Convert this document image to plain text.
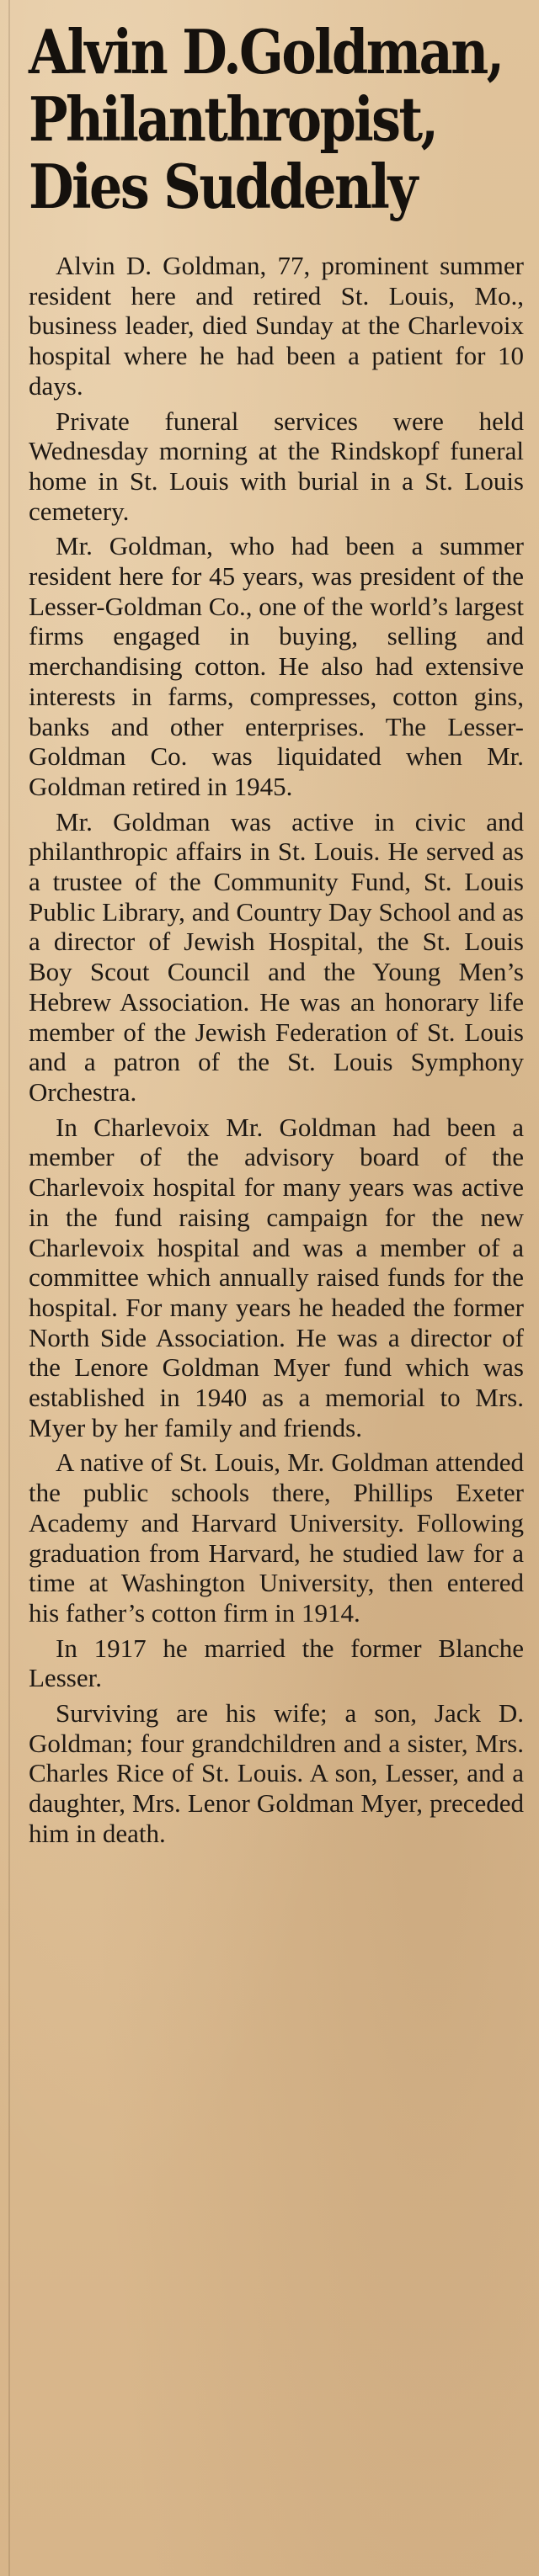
Alvin D.Goldman,
Philanthropist,
Dies Suddenly

Alvin D. Goldman, 77, prominent summer resident here and retired St. Louis, Mo., business leader, died Sunday at the Charlevoix hospital where he had been a patient for 10 days.

Private funeral services were held Wednesday morning at the Rindskopf funeral home in St. Louis with burial in a St. Louis cemetery.

Mr. Goldman, who had been a summer resident here for 45 years, was president of the Lesser-Goldman Co., one of the world’s largest firms engaged in buying, selling and merchandising cotton. He also had extensive interests in farms, compresses, cotton gins, banks and other enterprises. The Lesser-Goldman Co. was liquidated when Mr. Goldman retired in 1945.

Mr. Goldman was active in civic and philanthropic affairs in St. Louis. He served as a trustee of the Community Fund, St. Louis Public Library, and Country Day School and as a director of Jewish Hospital, the St. Louis Boy Scout Council and the Young Men’s Hebrew Association. He was an honorary life member of the Jewish Federation of St. Louis and a patron of the St. Louis Symphony Orchestra.

In Charlevoix Mr. Goldman had been a member of the advisory board of the Charlevoix hospital for many years was active in the fund raising campaign for the new Charlevoix hospital and was a member of a committee which annually raised funds for the hospital. For many years he headed the former North Side Association. He was a director of the Lenore Goldman Myer fund which was established in 1940 as a memorial to Mrs. Myer by her family and friends.

A native of St. Louis, Mr. Goldman attended the public schools there, Phillips Exeter Academy and Harvard University. Following graduation from Harvard, he studied law for a time at Washington University, then entered his father’s cotton firm in 1914.

In 1917 he married the former Blanche Lesser.

Surviving are his wife; a son, Jack D. Goldman; four grandchildren and a sister, Mrs. Charles Rice of St. Louis. A son, Lesser, and a daughter, Mrs. Lenor Goldman Myer, preceded him in death.
